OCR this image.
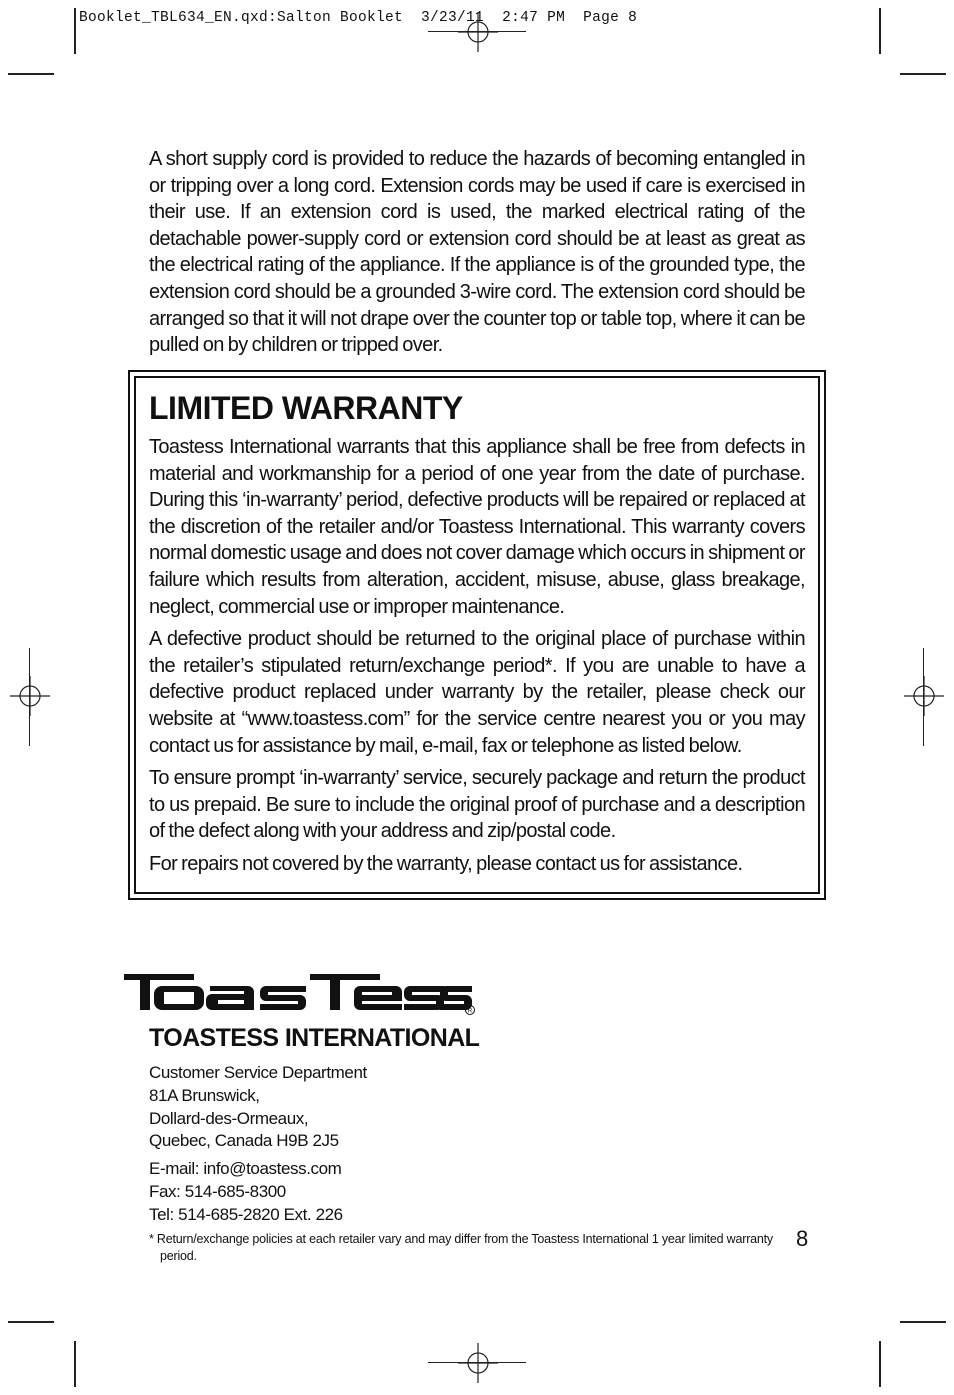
Booklet_TBL634_EN.qxd:Salton Booklet  3/23/11  2:47 PM  Page 8

A short supply cord is provided to reduce the hazards of becoming entangled in or tripping over a long cord. Extension cords may be used if care is exercised in their use. If an extension cord is used, the marked electrical rating of the detachable power-supply cord or extension cord should be at least as great as the electrical rating of the appliance. If the appliance is of the grounded type, the extension cord should be a grounded 3-wire cord. The extension cord should be arranged so that it will not drape over the counter top or table top, where it can be pulled on by children or tripped over.

LIMITED WARRANTY

Toastess International warrants that this appliance shall be free from defects in material and workmanship for a period of one year from the date of purchase. During this ‘in-warranty’ period, defective products will be repaired or replaced at the discretion of the retailer and/or Toastess International. This warranty covers normal domestic usage and does not cover damage which occurs in shipment or failure which results from alteration, accident, misuse, abuse, glass breakage, neglect, commercial use or improper maintenance.

A defective product should be returned to the original place of purchase within the retailer’s stipulated return/exchange period*. If you are unable to have a defective product replaced under warranty by the retailer, please check our website at “www.toastess.com” for the service centre nearest you or you may contact us for assistance by mail, e-mail, fax or telephone as listed below.

To ensure prompt ‘in-warranty’ service, securely package and return the product to us prepaid. Be sure to include the original proof of purchase and a description of the defect along with your address and zip/postal code.

For repairs not covered by the warranty, please contact us for assistance.

R
TOASTESS INTERNATIONAL
Customer Service Department
81A Brunswick,
Dollard-des-Ormeaux,
Quebec, Canada H9B 2J5
E-mail: info@toastess.com
Fax: 514-685-8300
Tel: 514-685-2820 Ext. 226
* Return/exchange policies at each retailer vary and may differ from the Toastess International 1 year limited warranty period.
8
